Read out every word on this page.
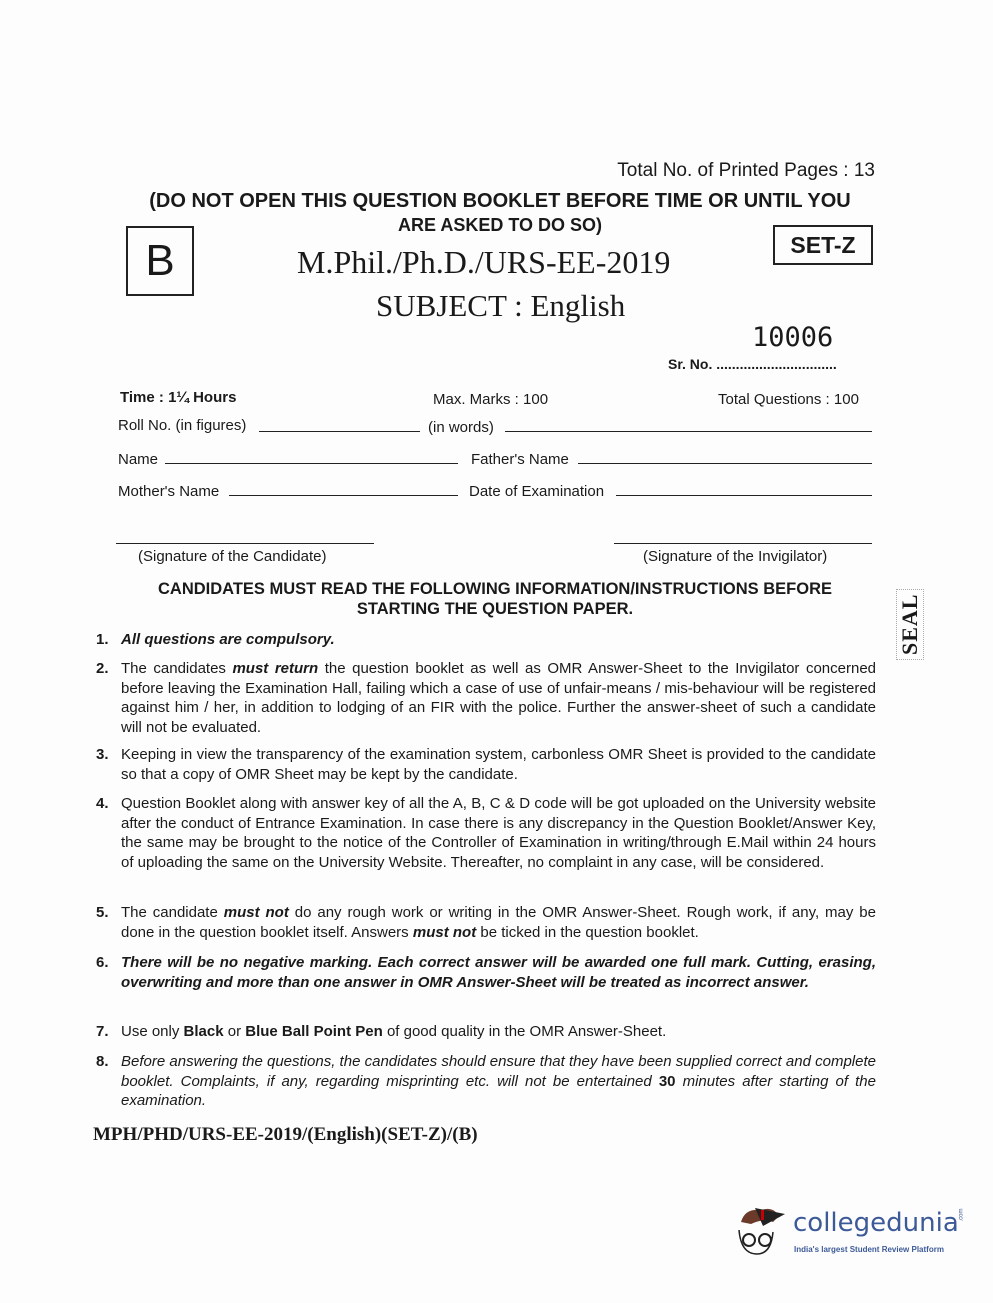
Total No. of Printed Pages : 13
(DO NOT OPEN THIS QUESTION BOOKLET BEFORE TIME OR UNTIL YOU
ARE ASKED TO DO SO)
B	SET-Z
M.Phil./Ph.D./URS-EE-2019
SUBJECT : English
10006
Sr. No. ...............................
Time : 1¼ Hours	Max. Marks : 100	Total Questions : 100
Roll No. (in figures)	(in words)
Name	Father's Name
Mother's Name	Date of Examination
(Signature of the Candidate)	(Signature of the Invigilator)
CANDIDATES MUST READ THE FOLLOWING INFORMATION/INSTRUCTIONS BEFORE
STARTING THE QUESTION PAPER.	SEAL
1. All questions are compulsory.
2. The candidates must return the question booklet as well as OMR Answer-Sheet to the Invigilator concerned before leaving the Examination Hall, failing which a case of use of unfair-means / mis-behaviour will be registered against him / her, in addition to lodging of an FIR with the police. Further the answer-sheet of such a candidate will not be evaluated.
3. Keeping in view the transparency of the examination system, carbonless OMR Sheet is provided to the candidate so that a copy of OMR Sheet may be kept by the candidate.
4. Question Booklet along with answer key of all the A, B, C & D code will be got uploaded on the University website after the conduct of Entrance Examination. In case there is any discrepancy in the Question Booklet/Answer Key, the same may be brought to the notice of the Controller of Examination in writing/through E.Mail within 24 hours of uploading the same on the University Website. Thereafter, no complaint in any case, will be considered.
5. The candidate must not do any rough work or writing in the OMR Answer-Sheet. Rough work, if any, may be done in the question booklet itself. Answers must not be ticked in the question booklet.
6. There will be no negative marking. Each correct answer will be awarded one full mark. Cutting, erasing, overwriting and more than one answer in OMR Answer-Sheet will be treated as incorrect answer.
7. Use only Black or Blue Ball Point Pen of good quality in the OMR Answer-Sheet.
8. Before answering the questions, the candidates should ensure that they have been supplied correct and complete booklet. Complaints, if any, regarding misprinting etc. will not be entertained 30 minutes after starting of the examination.
MPH/PHD/URS-EE-2019/(English)(SET-Z)/(B)
collegedunia .com
India's largest Student Review Platform
